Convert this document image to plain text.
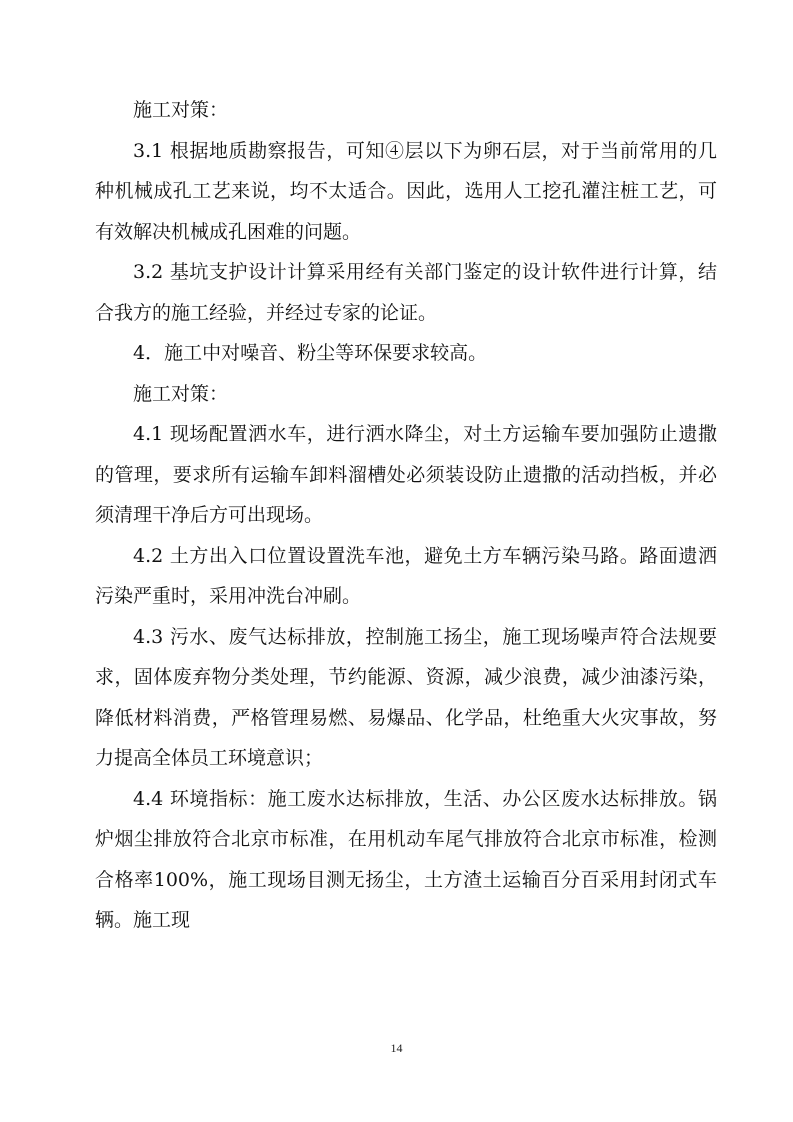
施工对策：

3.1 根据地质勘察报告，可知④层以下为卵石层，对于当前常用的几种机械成孔工艺来说，均不太适合。因此，选用人工挖孔灌注桩工艺，可有效解决机械成孔困难的问题。

3.2 基坑支护设计计算采用经有关部门鉴定的设计软件进行计算，结合我方的施工经验，并经过专家的论证。

4．施工中对噪音、粉尘等环保要求较高。

施工对策：

4.1 现场配置洒水车，进行洒水降尘，对土方运输车要加强防止遗撒的管理，要求所有运输车卸料溜槽处必须装设防止遗撒的活动挡板，并必须清理干净后方可出现场。

4.2 土方出入口位置设置洗车池，避免土方车辆污染马路。路面遗洒污染严重时，采用冲洗台冲刷。

4.3 污水、废气达标排放，控制施工扬尘，施工现场噪声符合法规要求，固体废弃物分类处理，节约能源、资源，减少浪费，减少油漆污染，降低材料消费，严格管理易燃、易爆品、化学品，杜绝重大火灾事故，努力提高全体员工环境意识；

4.4 环境指标：施工废水达标排放，生活、办公区废水达标排放。锅炉烟尘排放符合北京市标准，在用机动车尾气排放符合北京市标准，检测合格率100%，施工现场目测无扬尘，土方渣土运输百分百采用封闭式车辆。施工现

14
